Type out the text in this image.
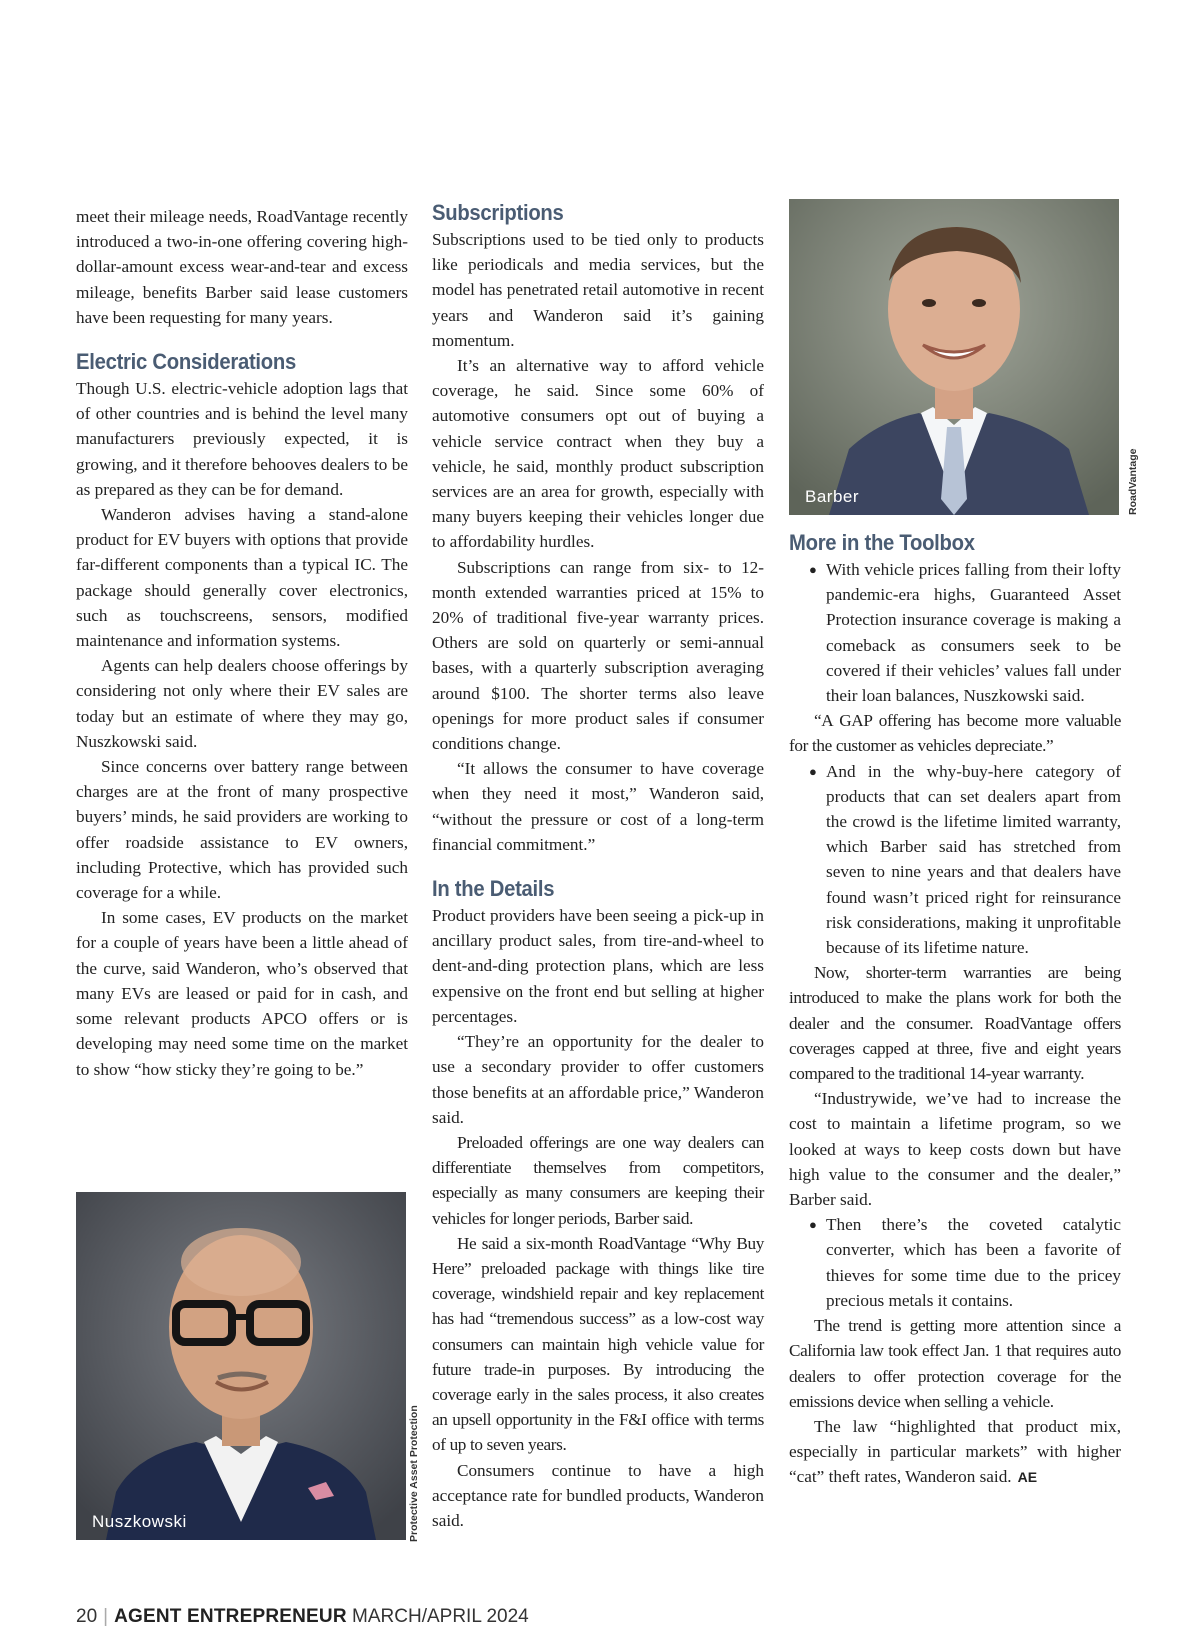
meet their mileage needs, RoadVantage recently introduced a two-in-one offering covering high-dollar-amount excess wear-and-tear and excess mileage, benefits Barber said lease customers have been requesting for many years.

Electric Considerations

Though U.S. electric-vehicle adoption lags that of other countries and is behind the level many manufacturers previously expected, it is growing, and it therefore behooves dealers to be as prepared as they can be for demand.

Wanderon advises having a stand-alone product for EV buyers with options that provide far-different components than a typical IC. The package should generally cover electronics, such as touchscreens, sensors, modified maintenance and information systems.

Agents can help dealers choose offerings by considering not only where their EV sales are today but an estimate of where they may go, Nuszkowski said.

Since concerns over battery range between charges are at the front of many prospective buyers’ minds, he said providers are working to offer roadside assistance to EV owners, including Protective, which has provided such coverage for a while.

In some cases, EV products on the market for a couple of years have been a little ahead of the curve, said Wanderon, who’s observed that many EVs are leased or paid for in cash, and some relevant products APCO offers or is developing may need some time on the market to show “how sticky they’re going to be.”

Nuszkowski	Protective Asset Protection
Subscriptions

Subscriptions used to be tied only to products like periodicals and media services, but the model has penetrated retail automotive in recent years and Wanderon said it’s gaining momentum.

It’s an alternative way to afford vehicle coverage, he said. Since some 60% of automotive consumers opt out of buying a vehicle service contract when they buy a vehicle, he said, monthly product subscription services are an area for growth, especially with many buyers keeping their vehicles longer due to affordability hurdles.

Subscriptions can range from six- to 12-month extended warranties priced at 15% to 20% of traditional five-year warranty prices. Others are sold on quarterly or semi-annual bases, with a quarterly subscription averaging around $100. The shorter terms also leave openings for more product sales if consumer conditions change.

“It allows the consumer to have coverage when they need it most,” Wanderon said, “without the pressure or cost of a long-term financial commitment.”

In the Details

Product providers have been seeing a pick-up in ancillary product sales, from tire-and-wheel to dent-and-ding protection plans, which are less expensive on the front end but selling at higher percentages.

“They’re an opportunity for the dealer to use a secondary provider to offer customers those benefits at an affordable price,” Wanderon said.

Preloaded offerings are one way dealers can differentiate themselves from competitors, especially as many consumers are keeping their vehicles for longer periods, Barber said.

He said a six-month RoadVantage “Why Buy Here” preloaded package with things like tire coverage, windshield repair and key replacement has had “tremendous success” as a low-cost way consumers can maintain high vehicle value for future trade-in purposes. By introducing the coverage early in the sales process, it also creates an upsell opportunity in the F&I office with terms of up to seven years.

Consumers continue to have a high acceptance rate for bundled products, Wanderon said.

Barber	RoadVantage
More in the Toolbox
● With vehicle prices falling from their lofty pandemic-era highs, Guaranteed Asset Protection insurance coverage is making a comeback as consumers seek to be covered if their vehicles’ values fall under their loan balances, Nuszkowski said.

“A GAP offering has become more valuable for the customer as vehicles depreciate.”

● And in the why-buy-here category of products that can set dealers apart from the crowd is the lifetime limited warranty, which Barber said has stretched from seven to nine years and that dealers have found wasn’t priced right for reinsurance risk considerations, making it unprofitable because of its lifetime nature.

Now, shorter-term warranties are being introduced to make the plans work for both the dealer and the consumer. RoadVantage offers coverages capped at three, five and eight years compared to the traditional 14-year warranty.

“Industrywide, we’ve had to increase the cost to maintain a lifetime program, so we looked at ways to keep costs down but have high value to the consumer and the dealer,” Barber said.

● Then there’s the coveted catalytic converter, which has been a favorite of thieves for some time due to the pricey precious metals it contains.

The trend is getting more attention since a California law took effect Jan. 1 that requires auto dealers to offer protection coverage for the emissions device when selling a vehicle.

The law “highlighted that product mix, especially in particular markets” with higher “cat” theft rates, Wanderon said. AE

20 | AGENT ENTREPRENEUR MARCH/APRIL 2024
